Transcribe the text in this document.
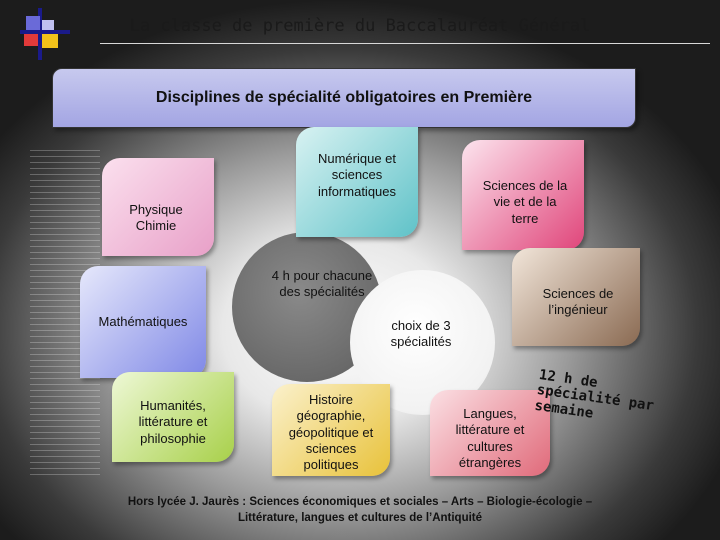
La classe de première du Baccalauréat Général
Disciplines de spécialité obligatoires en Première
Numérique et sciences informatiques
Physique Chimie
Sciences de la vie et de la terre
Mathématiques
Sciences de l’ingénieur
Humanités, littérature et philosophie
Histoire géographie, géopolitique et sciences politiques
Langues, littérature et cultures étrangères
4 h pour chacune des spécialités
choix de 3 spécialités
12 h de spécialité par semaine
Hors lycée J. Jaurès : Sciences économiques et sociales – Arts – Biologie-écologie –
Littérature, langues et cultures de l’Antiquité
